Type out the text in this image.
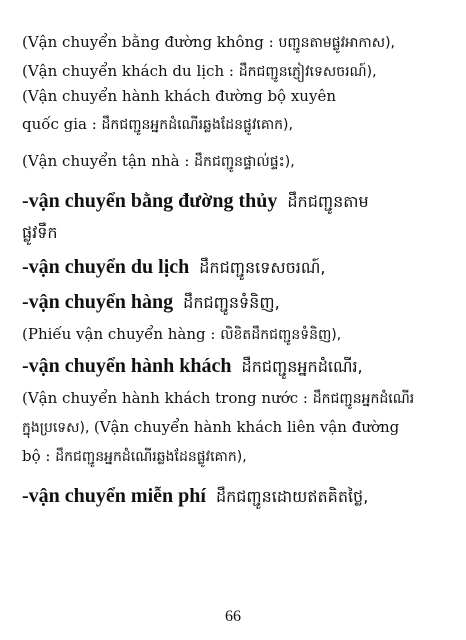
(Vận chuyển bằng đường không : បញ្ជូនតាមផ្លូវអាកាស),
(Vận chuyển khách du lịch : ដឹកជញ្ជូនភ្ញៀវទេសចរណ៍),
(Vận chuyển hành khách đường bộ xuyên
quốc gia : ដឹកជញ្ជូនអ្នកដំណើរឆ្លងដែនផ្លូវគោក),
(Vận chuyển tận nhà : ដឹកជញ្ជូនផ្ទាល់ផ្ទះ),
-vận chuyển bằng đường thủy ដឹកជញ្ជូនតាម
ផ្លូវទឹក
-vận chuyển du lịch ដឹកជញ្ជូនទេសចរណ៍,
-vận chuyển hàng ដឹកជញ្ជូនទំនិញ,
(Phiếu vận chuyển hàng : លិខិតដឹកជញ្ជូនទំនិញ),
-vận chuyển hành khách ដឹកជញ្ជូនអ្នកដំណើរ,
(Vận chuyển hành khách trong nước : ដឹកជញ្ជូនអ្នកដំណើរ
ក្នុងប្រទេស), (Vận chuyển hành khách liên vận đường
bộ : ដឹកជញ្ជូនអ្នកដំណើរឆ្លងដែនផ្លូវគោក),
-vận chuyển miễn phí ដឹកជញ្ជូនដោយឥតគិតថ្លៃ,
66
